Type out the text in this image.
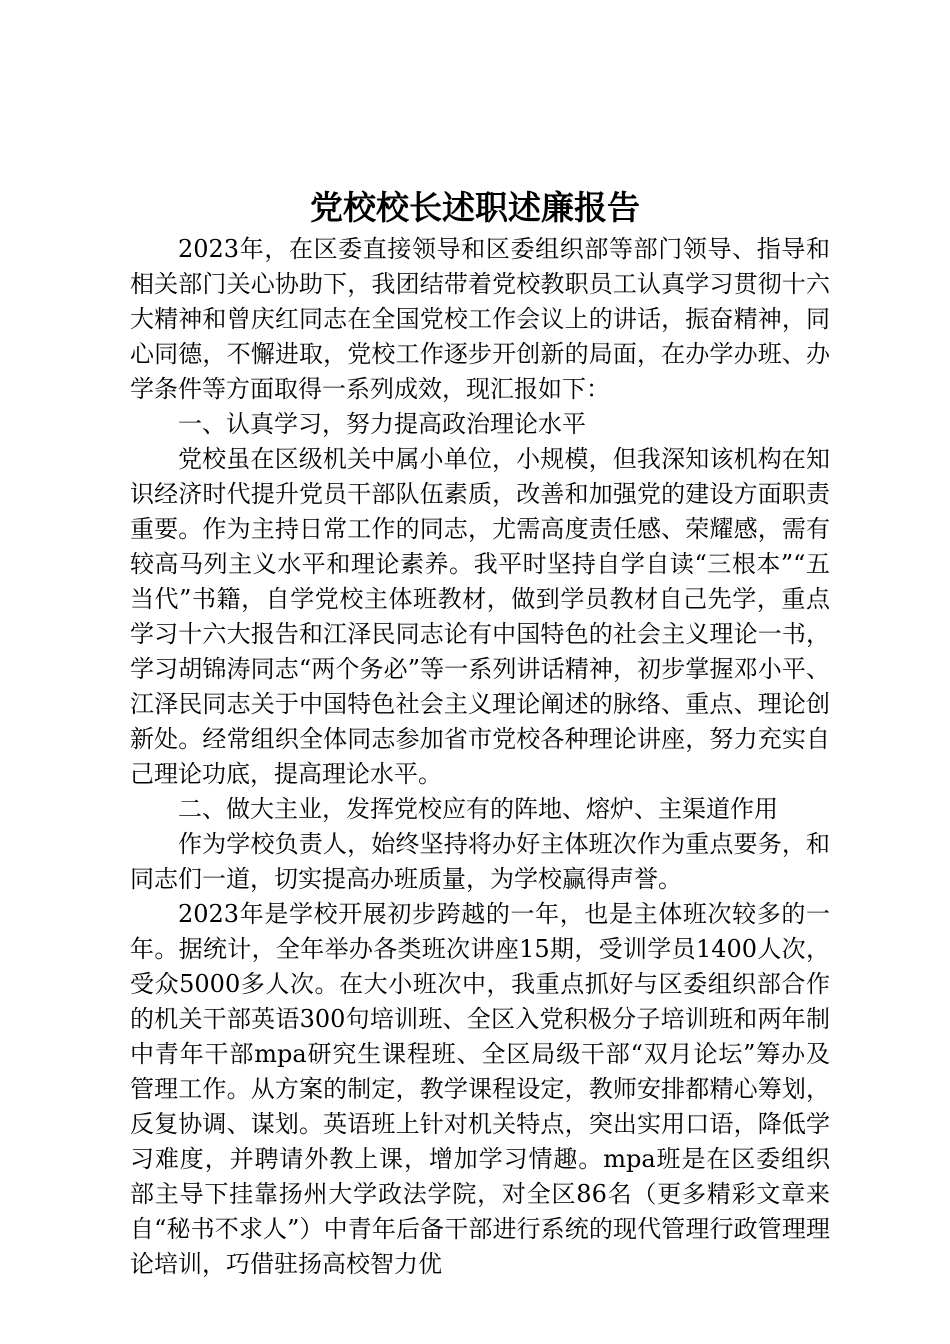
党校校长述职述廉报告

2023年，在区委直接领导和区委组织部等部门领导、指导和相关部门关心协助下，我团结带着党校教职员工认真学习贯彻十六大精神和曾庆红同志在全国党校工作会议上的讲话，振奋精神，同心同德，不懈进取，党校工作逐步开创新的局面，在办学办班、办学条件等方面取得一系列成效，现汇报如下：

一、认真学习，努力提高政治理论水平

党校虽在区级机关中属小单位，小规模，但我深知该机构在知识经济时代提升党员干部队伍素质，改善和加强党的建设方面职责重要。作为主持日常工作的同志，尤需高度责任感、荣耀感，需有较高马列主义水平和理论素养。我平时坚持自学自读“三根本”“五当代”书籍，自学党校主体班教材，做到学员教材自己先学，重点学习十六大报告和江泽民同志论有中国特色的社会主义理论一书，学习胡锦涛同志“两个务必”等一系列讲话精神，初步掌握邓小平、江泽民同志关于中国特色社会主义理论阐述的脉络、重点、理论创新处。经常组织全体同志参加省市党校各种理论讲座，努力充实自己理论功底，提高理论水平。

二、做大主业，发挥党校应有的阵地、熔炉、主渠道作用

作为学校负责人，始终坚持将办好主体班次作为重点要务，和同志们一道，切实提高办班质量，为学校赢得声誉。

2023年是学校开展初步跨越的一年，也是主体班次较多的一年。据统计，全年举办各类班次讲座15期，受训学员1400人次，受众5000多人次。在大小班次中，我重点抓好与区委组织部合作的机关干部英语300句培训班、全区入党积极分子培训班和两年制中青年干部mpa研究生课程班、全区局级干部“双月论坛”筹办及管理工作。从方案的制定，教学课程设定，教师安排都精心筹划，反复协调、谋划。英语班上针对机关特点，突出实用口语，降低学习难度，并聘请外教上课，增加学习情趣。mpa班是在区委组织部主导下挂靠扬州大学政法学院，对全区86名（更多精彩文章来自“秘书不求人”）中青年后备干部进行系统的现代管理行政管理理论培训，巧借驻扬高校智力优
